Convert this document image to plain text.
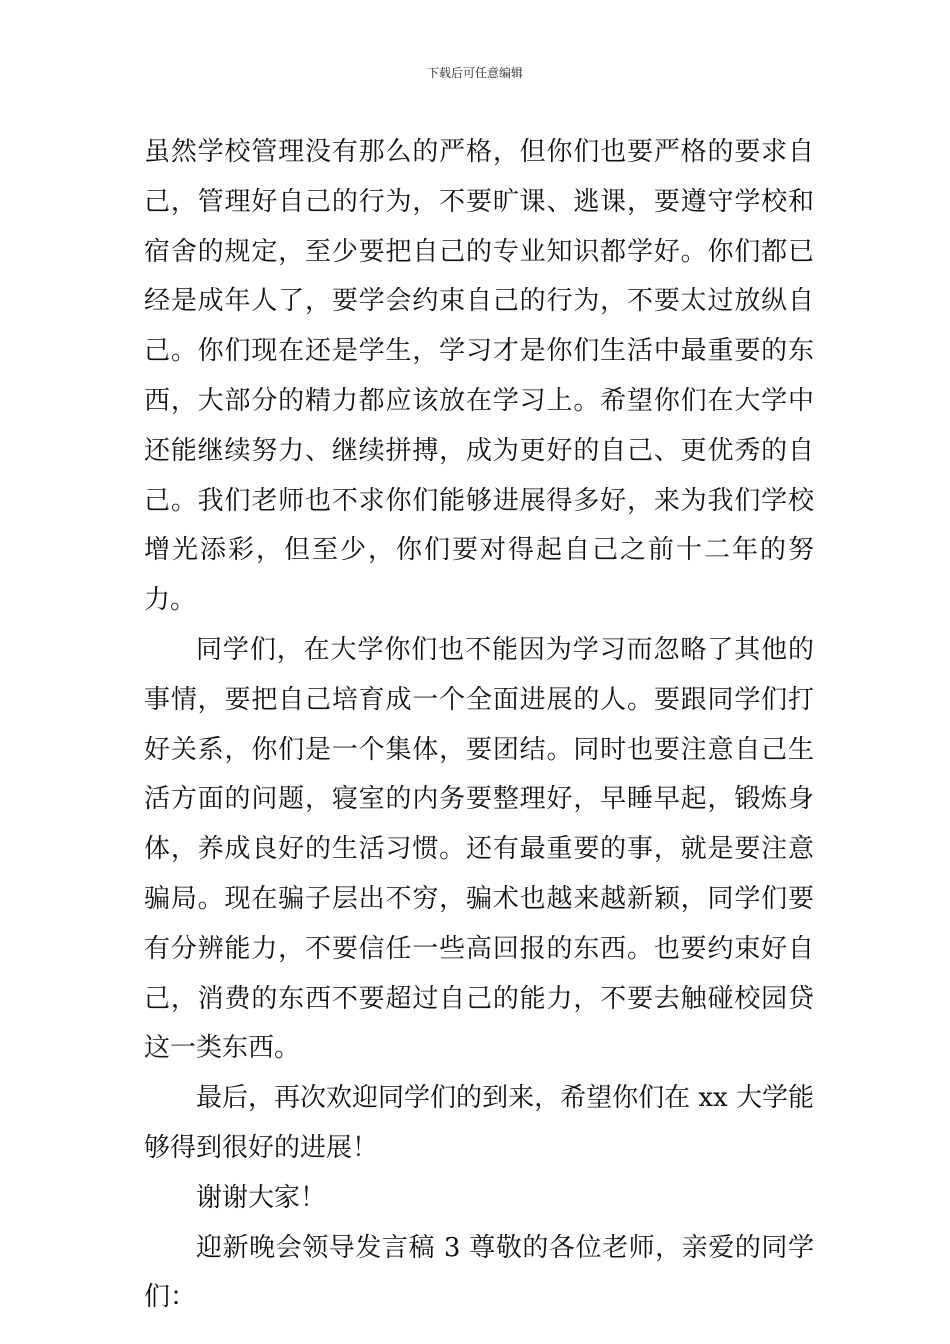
下载后可任意编辑

虽然学校管理没有那么的严格，但你们也要严格的要求自己，管理好自己的行为，不要旷课、逃课，要遵守学校和宿舍的规定，至少要把自己的专业知识都学好。你们都已经是成年人了，要学会约束自己的行为，不要太过放纵自己。你们现在还是学生，学习才是你们生活中最重要的东西，大部分的精力都应该放在学习上。希望你们在大学中还能继续努力、继续拼搏，成为更好的自己、更优秀的自己。我们老师也不求你们能够进展得多好，来为我们学校增光添彩，但至少，你们要对得起自己之前十二年的努力。

同学们，在大学你们也不能因为学习而忽略了其他的事情，要把自己培育成一个全面进展的人。要跟同学们打好关系，你们是一个集体，要团结。同时也要注意自己生活方面的问题，寝室的内务要整理好，早睡早起，锻炼身体，养成良好的生活习惯。还有最重要的事，就是要注意骗局。现在骗子层出不穷，骗术也越来越新颖，同学们要有分辨能力，不要信任一些高回报的东西。也要约束好自己，消费的东西不要超过自己的能力，不要去触碰校园贷这一类东西。

最后，再次欢迎同学们的到来，希望你们在 xx 大学能够得到很好的进展！

谢谢大家！

迎新晚会领导发言稿 3 尊敬的各位老师，亲爱的同学们：
